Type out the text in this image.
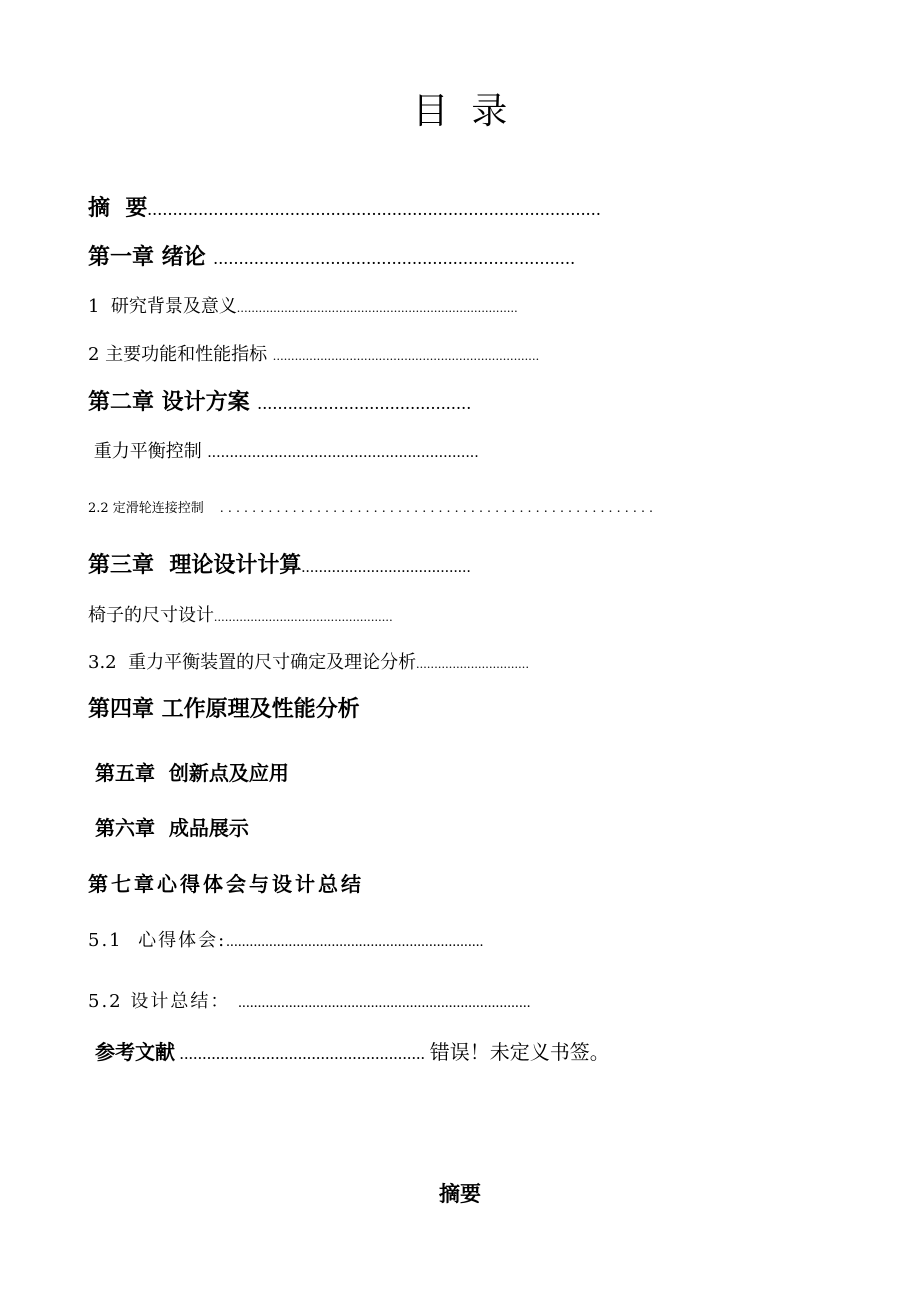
目  录
摘  要.........................................................................................
第一章 绪论 .......................................................................
1  研究背景及意义.............................................................................
2 主要功能和性能指标 .........................................................................
第二章 设计方案 ..........................................
重力平衡控制 .............................................................
2.2 定滑轮连接控制  ......................................................
第三章  理论设计计算.......................................
椅子的尺寸设计.................................................
3.2  重力平衡装置的尺寸确定及理论分析...............................
第四章 工作原理及性能分析
第五章  创新点及应用
第六章  成品展示
第七章心得体会与设计总结
5.1  心得体会:..................................................................
5.2 设计总结：  ...........................................................................
参考文献 ...................................................... 错误！未定义书签。
摘要
